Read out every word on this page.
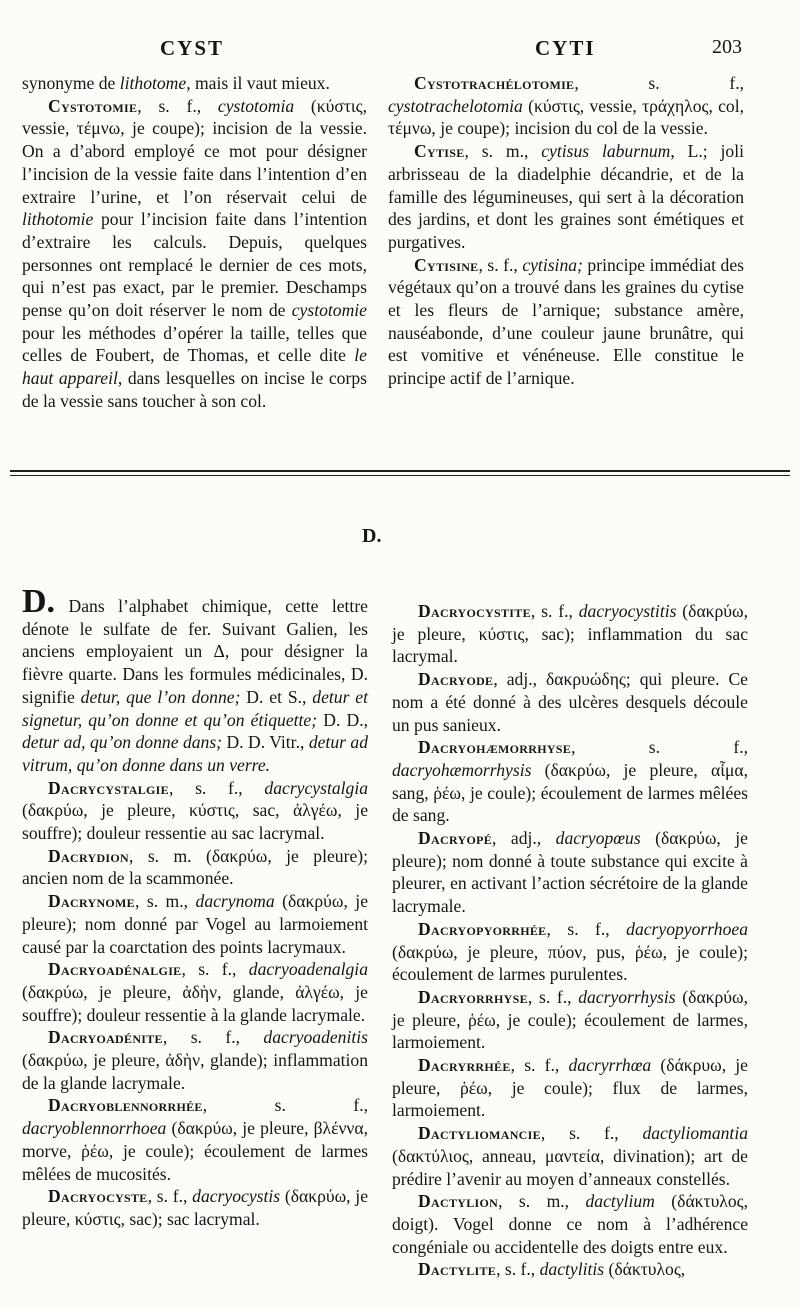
CYST	CYTI	203

synonyme de lithotome, mais il vaut mieux.

Cystotomie, s. f., cystotomia (κύστις, vessie, τέμνω, je coupe); incision de la vessie. On a d’abord employé ce mot pour désigner l’incision de la vessie faite dans l’intention d’en extraire l’urine, et l’on réservait celui de lithotomie pour l’incision faite dans l’intention d’extraire les calculs. Depuis, quelques personnes ont remplacé le dernier de ces mots, qui n’est pas exact, par le premier. Deschamps pense qu’on doit réserver le nom de cystotomie pour les méthodes d’opérer la taille, telles que celles de Foubert, de Thomas, et celle dite le haut appareil, dans lesquelles on incise le corps de la vessie sans toucher à son col.

Cystotrachélotomie, s. f., cystotrachelotomia (κύστις, vessie, τράχηλος, col, τέμνω, je coupe); incision du col de la vessie.

Cytise, s. m., cytisus laburnum, L.; joli arbrisseau de la diadelphie décandrie, et de la famille des légumineuses, qui sert à la décoration des jardins, et dont les graines sont émétiques et purgatives.

Cytisine, s. f., cytisina; principe immédiat des végétaux qu’on a trouvé dans les graines du cytise et les fleurs de l’arnique; substance amère, nauséabonde, d’une couleur jaune brunâtre, qui est vomitive et vénéneuse. Elle constitue le principe actif de l’arnique.

D.

D. Dans l’alphabet chimique, cette lettre dénote le sulfate de fer. Suivant Galien, les anciens employaient un Δ, pour désigner la fièvre quarte. Dans les formules médicinales, D. signifie detur, que l’on donne; D. et S., detur et signetur, qu’on donne et qu’on étiquette; D. D., detur ad, qu’on donne dans; D. D. Vitr., detur ad vitrum, qu’on donne dans un verre.

Dacrycystalgie, s. f., dacrycystalgia (δακρύω, je pleure, κύστις, sac, ἀλγέω, je souffre); douleur ressentie au sac lacrymal.

Dacrydion, s. m. (δακρύω, je pleure); ancien nom de la scammonée.

Dacrynome, s. m., dacrynoma (δακρύω, je pleure); nom donné par Vogel au larmoiement causé par la coarctation des points lacrymaux.

Dacryoadénalgie, s. f., dacryoadenalgia (δακρύω, je pleure, ἀδὴν, glande, ἀλγέω, je souffre); douleur ressentie à la glande lacrymale.

Dacryoadénite, s. f., dacryoadenitis (δακρύω, je pleure, ἀδὴν, glande); inflammation de la glande lacrymale.

Dacryoblennorrhée, s. f., dacryoblennorrhoea (δακρύω, je pleure, βλέννα, morve, ῥέω, je coule); écoulement de larmes mêlées de mucosités.

Dacryocyste, s. f., dacryocystis (δακρύω, je pleure, κύστις, sac); sac lacrymal.

Dacryocystite, s. f., dacryocystitis (δακρύω, je pleure, κύστις, sac); inflammation du sac lacrymal.

Dacryode, adj., δακρυώδης; qui pleure. Ce nom a été donné à des ulcères desquels découle un pus sanieux.

Dacryohæmorrhyse, s. f., dacryohæmorrhysis (δακρύω, je pleure, αἷμα, sang, ῥέω, je coule); écoulement de larmes mêlées de sang.

Dacryopé, adj., dacryopœus (δακρύω, je pleure); nom donné à toute substance qui excite à pleurer, en activant l’action sécrétoire de la glande lacrymale.

Dacryopyorrhée, s. f., dacryopyorrhoea (δακρύω, je pleure, πύον, pus, ῥέω, je coule); écoulement de larmes purulentes.

Dacryorrhyse, s. f., dacryorrhysis (δακρύω, je pleure, ῥέω, je coule); écoulement de larmes, larmoiement.

Dacryrrhée, s. f., dacryrrhœa (δάκρυω, je pleure, ῥέω, je coule); flux de larmes, larmoiement.

Dactyliomancie, s. f., dactyliomantia (δακτύλιος, anneau, μαντεία, divination); art de prédire l’avenir au moyen d’anneaux constellés.

Dactylion, s. m., dactylium (δάκτυλος, doigt). Vogel donne ce nom à l’adhérence congéniale ou accidentelle des doigts entre eux.

Dactylite, s. f., dactylitis (δάκτυλος,
